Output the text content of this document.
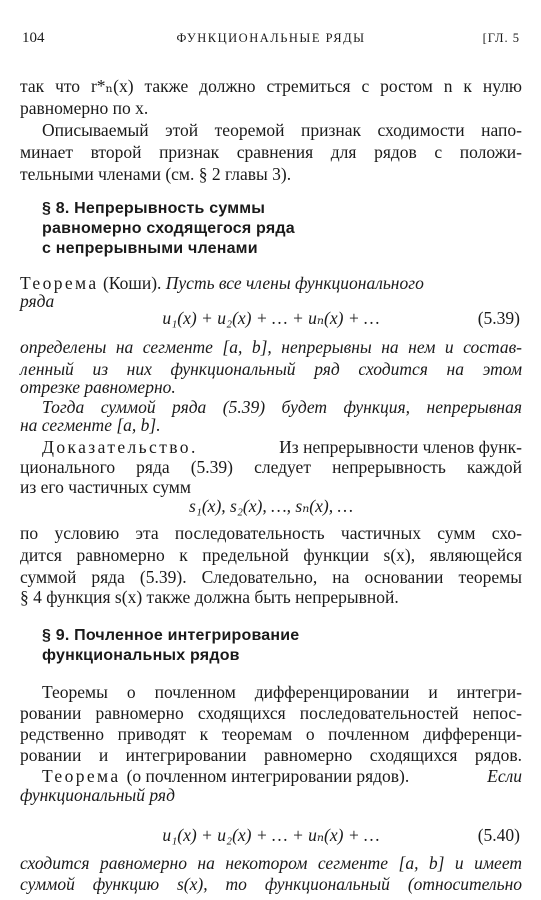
104	ФУНКЦИОНАЛЬНЫЕ РЯДЫ	[ГЛ. 5
так что r*ₙ(x) также должно стремиться с ростом n к нулю
равномерно по x.
Описываемый этой теоремой признак сходимости напо-
минает второй признак сравнения для рядов с положи-
тельными членами (см. § 2 главы 3).
§ 8. Непрерывность суммы
равномерно сходящегося ряда
с непрерывными членами
Теорема (Коши). Пусть все члены функционального
ряда
u₁(x) + u₂(x) + … + uₙ(x) + …	(5.39)
определены на сегменте [a, b], непрерывны на нем и состав-
ленный из них функциональный ряд сходится на этом
отрезке равномерно.
Тогда суммой ряда (5.39) будет функция, непрерывная
на сегменте [a, b].
Доказательство.	Из непрерывности членов функ-
ционального ряда (5.39) следует непрерывность каждой
из его частичных сумм
s₁(x), s₂(x), …, sₙ(x), …
по условию эта последовательность частичных сумм схо-
дится равномерно к предельной функции s(x), являющейся
суммой ряда (5.39). Следовательно, на основании теоремы
§ 4 функция s(x) также должна быть непрерывной.
§ 9. Почленное интегрирование
функциональных рядов
Теоремы о почленном дифференцировании и интегри-
ровании равномерно сходящихся последовательностей непос-
редственно приводят к теоремам о почленном дифференци-
ровании и интегрировании равномерно сходящихся рядов.
Теорема (о почленном интегрировании рядов).	Если
функциональный ряд
u₁(x) + u₂(x) + … + uₙ(x) + …	(5.40)
сходится равномерно на некотором сегменте [a, b] и имеет
суммой функцию s(x), то функциональный (относительно
